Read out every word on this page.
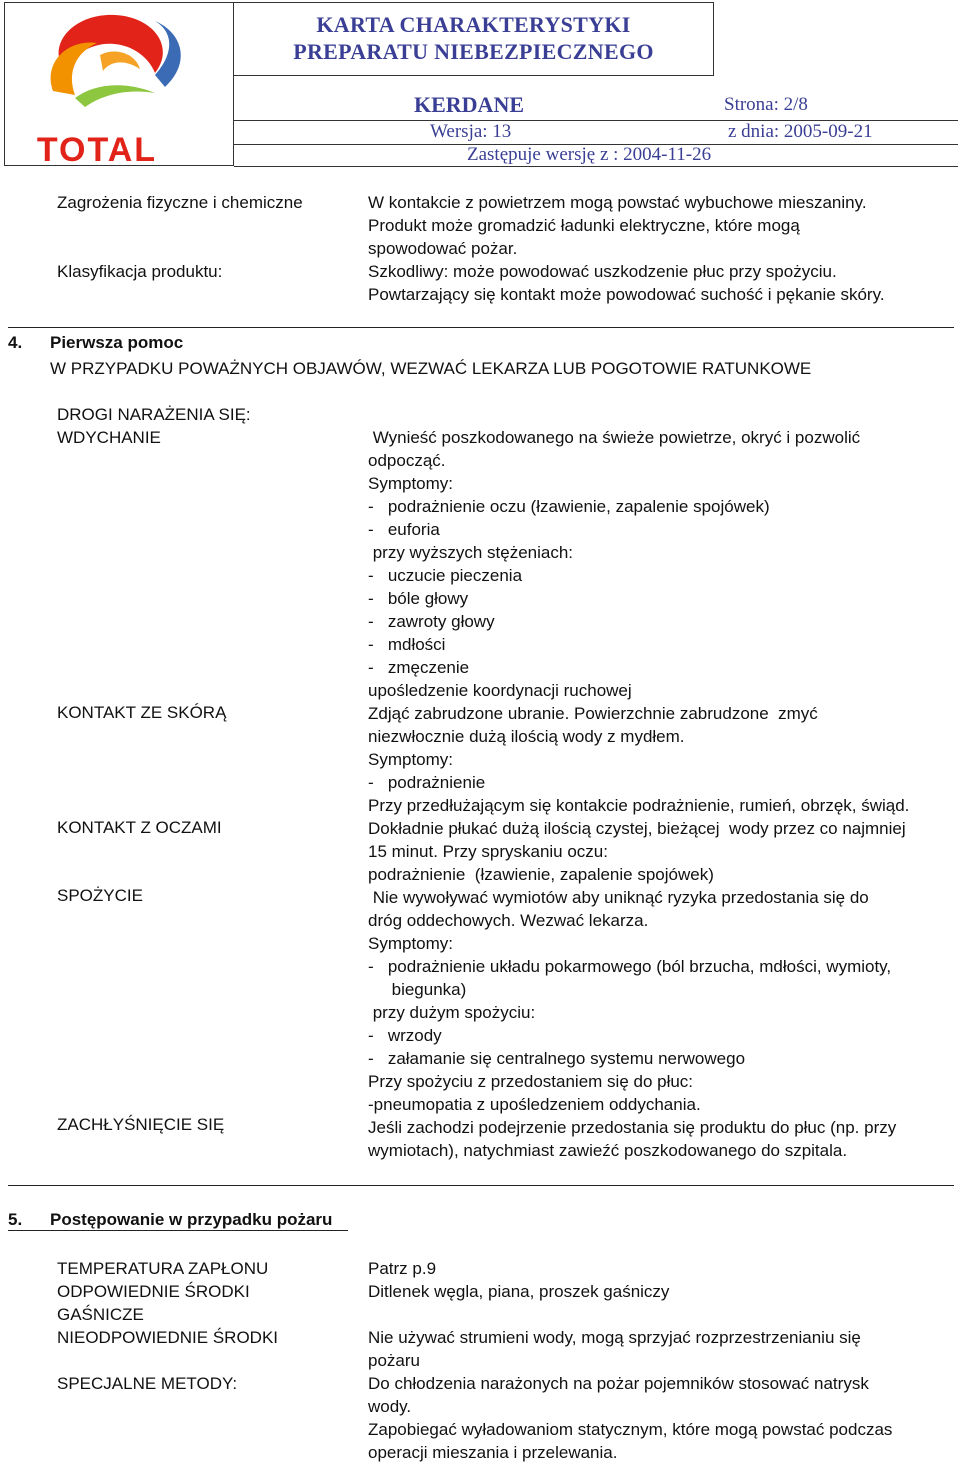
TOTAL
KARTA CHARAKTERYSTYKI
PREPARATU NIEBEZPIECZNEGO
KERDANE	Strona: 2/8
Wersja: 13	z dnia: 2005-09-21
Zastępuje wersję z : 2004-11-26
Zagrożenia fizyczne i chemiczne
Klasyfikacja produktu:
W kontakcie z powietrzem mogą powstać wybuchowe mieszaniny.
Produkt może gromadzić ładunki elektryczne, które mogą
spowodować pożar.
Szkodliwy: może powodować uszkodzenie płuc przy spożyciu.
Powtarzający się kontakt może powodować suchość i pękanie skóry.
4. Pierwsza pomoc
W PRZYPADKU POWAŻNYCH OBJAWÓW, WEZWAĆ LEKARZA LUB POGOTOWIE RATUNKOWE
DROGI NARAŻENIA SIĘ:
WDYCHANIE
KONTAKT ZE SKÓRĄ
KONTAKT Z OCZAMI
SPOŻYCIE
ZACHŁYŚNIĘCIE SIĘ
Wynieść poszkodowanego na świeże powietrze, okryć i pozwolić
odpocząć.
Symptomy:
-   podrażnienie oczu (łzawienie, zapalenie spojówek)
-   euforia
przy wyższych stężeniach:
-   uczucie pieczenia
-   bóle głowy
-   zawroty głowy
-   mdłości
-   zmęczenie
upośledzenie koordynacji ruchowej
Zdjąć zabrudzone ubranie. Powierzchnie zabrudzone  zmyć
niezwłocznie dużą ilością wody z mydłem.
Symptomy:
-   podrażnienie
Przy przedłużającym się kontakcie podrażnienie, rumień, obrzęk, świąd.
Dokładnie płukać dużą ilością czystej, bieżącej  wody przez co najmniej
15 minut. Przy spryskaniu oczu:
podrażnienie  (łzawienie, zapalenie spojówek)
Nie wywoływać wymiotów aby uniknąć ryzyka przedostania się do
dróg oddechowych. Wezwać lekarza.
Symptomy:
-   podrażnienie układu pokarmowego (ból brzucha, mdłości, wymioty,
biegunka)
przy dużym spożyciu:
-   wrzody
-   załamanie się centralnego systemu nerwowego
Przy spożyciu z przedostaniem się do płuc:
-pneumopatia z upośledzeniem oddychania.
Jeśli zachodzi podejrzenie przedostania się produktu do płuc (np. przy
wymiotach), natychmiast zawieźć poszkodowanego do szpitala.
5. Postępowanie w przypadku pożaru
TEMPERATURA ZAPŁONU
ODPOWIEDNIE ŚRODKI
GAŚNICZE
NIEODPOWIEDNIE ŚRODKI
SPECJALNE METODY:
Patrz p.9
Ditlenek węgla, piana, proszek gaśniczy
Nie używać strumieni wody, mogą sprzyjać rozprzestrzenianiu się
pożaru
Do chłodzenia narażonych na pożar pojemników stosować natrysk
wody.
Zapobiegać wyładowaniom statycznym, które mogą powstać podczas
operacji mieszania i przelewania.
